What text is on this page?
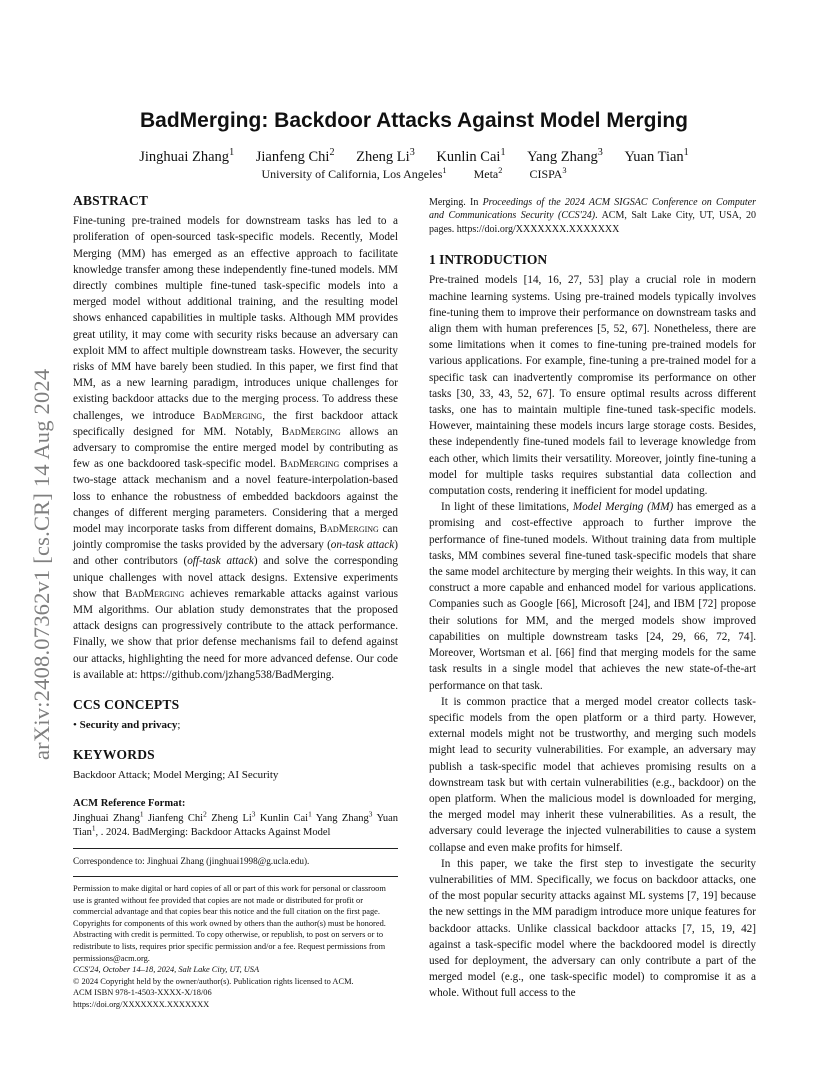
arXiv:2408.07362v1 [cs.CR] 14 Aug 2024
BadMerging: Backdoor Attacks Against Model Merging
Jinghuai Zhang$^1$ Jianfeng Chi$^2$ Zheng Li$^3$ Kunlin Cai$^1$ Yang Zhang$^3$ Yuan Tian$^1$
University of California, Los Angeles$^1$ Meta$^2$ CISPA$^3$
ABSTRACT

Fine-tuning pre-trained models for downstream tasks has led to a proliferation of open-sourced task-specific models. Recently, Model Merging (MM) has emerged as an effective approach to facilitate knowledge transfer among these independently fine-tuned models. MM directly combines multiple fine-tuned task-specific models into a merged model without additional training, and the resulting model shows enhanced capabilities in multiple tasks. Although MM provides great utility, it may come with security risks because an adversary can exploit MM to affect multiple downstream tasks. However, the security risks of MM have barely been studied. In this paper, we first find that MM, as a new learning paradigm, introduces unique challenges for existing backdoor attacks due to the merging process. To address these challenges, we introduce BadMerging, the first backdoor attack specifically designed for MM. Notably, BadMerging allows an adversary to compromise the entire merged model by contributing as few as one backdoored task-specific model. BadMerging comprises a two-stage attack mechanism and a novel feature-interpolation-based loss to enhance the robustness of embedded backdoors against the changes of different merging parameters. Considering that a merged model may incorporate tasks from different domains, BadMerging can jointly compromise the tasks provided by the adversary (on-task attack) and other contributors (off-task attack) and solve the corresponding unique challenges with novel attack designs. Extensive experiments show that BadMerging achieves remarkable attacks against various MM algorithms. Our ablation study demonstrates that the proposed attack designs can progressively contribute to the attack performance. Finally, we show that prior defense mechanisms fail to defend against our attacks, highlighting the need for more advanced defense. Our code is available at: https://github.com/jzhang538/BadMerging.

CCS CONCEPTS
• Security and privacy;
KEYWORDS

Backdoor Attack; Model Merging; AI Security

ACM Reference Format:

Jinghuai Zhang$^1$ Jianfeng Chi$^2$ Zheng Li$^3$ Kunlin Cai$^1$ Yang Zhang$^3$ Yuan Tian$^1$, . 2024. BadMerging: Backdoor Attacks Against Model

Correspondence to: Jinghuai Zhang (jinghuai1998@g.ucla.edu).

Permission to make digital or hard copies of all or part of this work for personal or classroom use is granted without fee provided that copies are not made or distributed for profit or commercial advantage and that copies bear this notice and the full citation on the first page. Copyrights for components of this work owned by others than the author(s) must be honored. Abstracting with credit is permitted. To copy otherwise, or republish, to post on servers or to redistribute to lists, requires prior specific permission and/or a fee. Request permissions from permissions@acm.org.

CCS'24, October 14–18, 2024, Salt Lake City, UT, USA

© 2024 Copyright held by the owner/author(s). Publication rights licensed to ACM.

ACM ISBN 978-1-4503-XXXX-X/18/06

https://doi.org/XXXXXXX.XXXXXXX

Merging. In Proceedings of the 2024 ACM SIGSAC Conference on Computer and Communications Security (CCS'24). ACM, Salt Lake City, UT, USA, 20 pages. https://doi.org/XXXXXXX.XXXXXXX

1 INTRODUCTION

Pre-trained models [14, 16, 27, 53] play a crucial role in modern machine learning systems. Using pre-trained models typically involves fine-tuning them to improve their performance on downstream tasks and align them with human preferences [5, 52, 67]. Nonetheless, there are some limitations when it comes to fine-tuning pre-trained models for various applications. For example, fine-tuning a pre-trained model for a specific task can inadvertently compromise its performance on other tasks [30, 33, 43, 52, 67]. To ensure optimal results across different tasks, one has to maintain multiple fine-tuned task-specific models. However, maintaining these models incurs large storage costs. Besides, these independently fine-tuned models fail to leverage knowledge from each other, which limits their versatility. Moreover, jointly fine-tuning a model for multiple tasks requires substantial data collection and computation costs, rendering it inefficient for model updating.

In light of these limitations, Model Merging (MM) has emerged as a promising and cost-effective approach to further improve the performance of fine-tuned models. Without training data from multiple tasks, MM combines several fine-tuned task-specific models that share the same model architecture by merging their weights. In this way, it can construct a more capable and enhanced model for various applications. Companies such as Google [66], Microsoft [24], and IBM [72] propose their solutions for MM, and the merged models show improved capabilities on multiple downstream tasks [24, 29, 66, 72, 74]. Moreover, Wortsman et al. [66] find that merging models for the same task results in a single model that achieves the new state-of-the-art performance on that task.

It is common practice that a merged model creator collects task-specific models from the open platform or a third party. However, external models might not be trustworthy, and merging such models might lead to security vulnerabilities. For example, an adversary may publish a task-specific model that achieves promising results on a downstream task but with certain vulnerabilities (e.g., backdoor) on the open platform. When the malicious model is downloaded for merging, the merged model may inherit these vulnerabilities. As a result, the adversary could leverage the injected vulnerabilities to cause a system collapse and even make profits for himself.

In this paper, we take the first step to investigate the security vulnerabilities of MM. Specifically, we focus on backdoor attacks, one of the most popular security attacks against ML systems [7, 19] because the new settings in the MM paradigm introduce more unique features for backdoor attacks. Unlike classical backdoor attacks [7, 15, 19, 42] against a task-specific model where the backdoored model is directly used for deployment, the adversary can only contribute a part of the merged model (e.g., one task-specific model) to compromise it as a whole. Without full access to the
